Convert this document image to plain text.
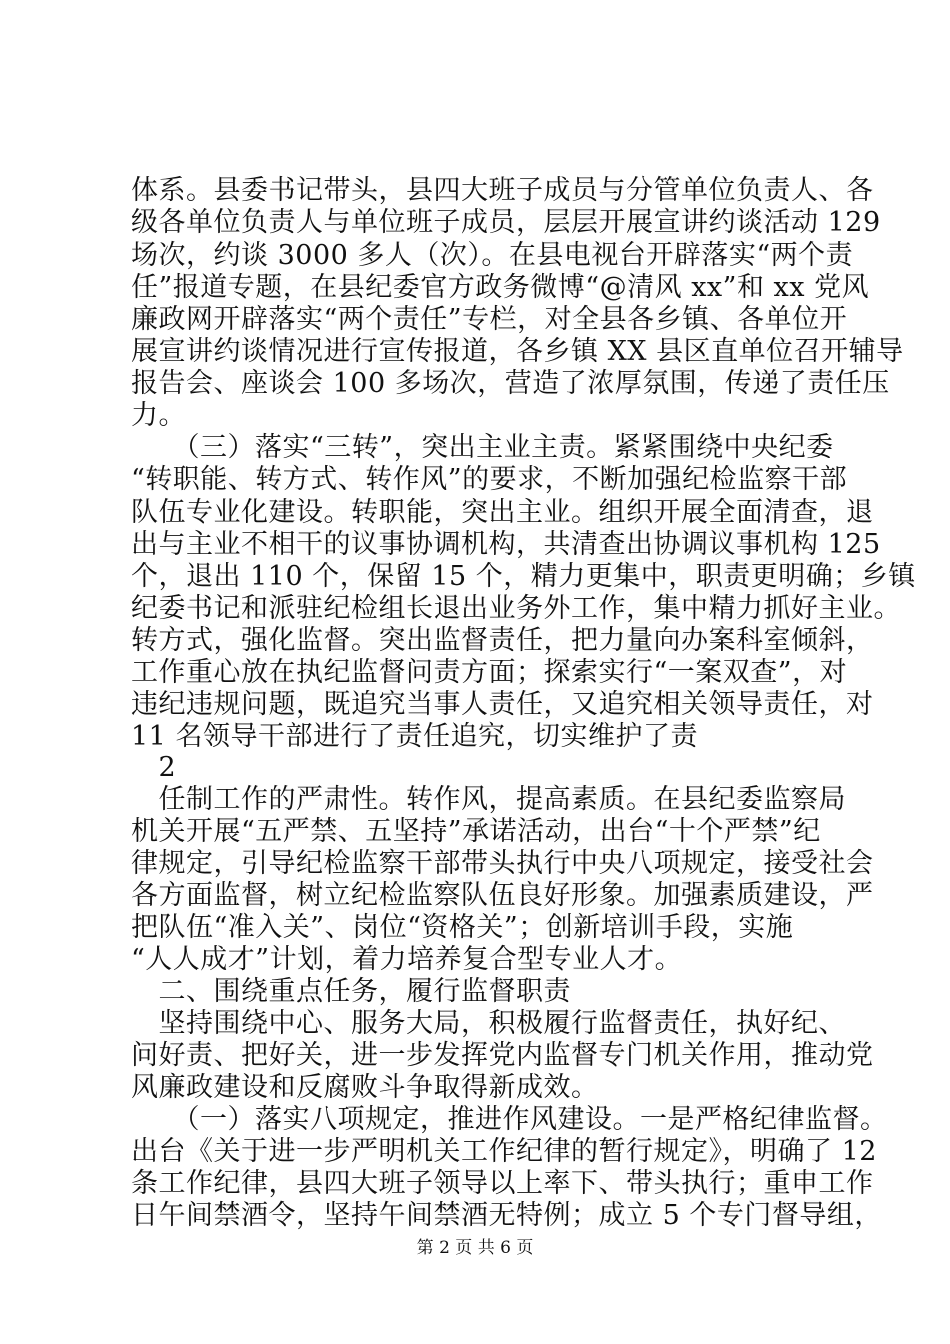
体系。县委书记带头，县四大班子成员与分管单位负责人、各
级各单位负责人与单位班子成员，层层开展宣讲约谈活动 129
场次，约谈 3000 多人（次）。在县电视台开辟落实“两个责
任”报道专题，在县纪委官方政务微博“@清风 xx”和 xx 党风
廉政网开辟落实“两个责任”专栏，对全县各乡镇、各单位开
展宣讲约谈情况进行宣传报道，各乡镇 XX 县区直单位召开辅导
报告会、座谈会 100 多场次，营造了浓厚氛围，传递了责任压
力。
　　（三）落实“三转”，突出主业主责。紧紧围绕中央纪委
“转职能、转方式、转作风”的要求，不断加强纪检监察干部
队伍专业化建设。转职能，突出主业。组织开展全面清查，退
出与主业不相干的议事协调机构，共清查出协调议事机构 125
个，退出 110 个，保留 15 个，精力更集中，职责更明确；乡镇
纪委书记和派驻纪检组长退出业务外工作，集中精力抓好主业。
转方式，强化监督。突出监督责任，把力量向办案科室倾斜，
工作重心放在执纪监督问责方面；探索实行“一案双查”，对
违纪违规问题，既追究当事人责任，又追究相关领导责任，对
11 名领导干部进行了责任追究，切实维护了责
　2
　任制工作的严肃性。转作风，提高素质。在县纪委监察局
机关开展“五严禁、五坚持”承诺活动，出台“十个严禁”纪
律规定，引导纪检监察干部带头执行中央八项规定，接受社会
各方面监督，树立纪检监察队伍良好形象。加强素质建设，严
把队伍“准入关”、岗位“资格关”；创新培训手段，实施
“人人成才”计划，着力培养复合型专业人才。
　二、围绕重点任务，履行监督职责
　坚持围绕中心、服务大局，积极履行监督责任，执好纪、
问好责、把好关，进一步发挥党内监督专门机关作用，推动党
风廉政建设和反腐败斗争取得新成效。
　　（一）落实八项规定，推进作风建设。一是严格纪律监督。
出台《关于进一步严明机关工作纪律的暂行规定》，明确了 12
条工作纪律，县四大班子领导以上率下、带头执行；重申工作
日午间禁酒令，坚持午间禁酒无特例；成立 5 个专门督导组，
第 2 页 共 6 页
